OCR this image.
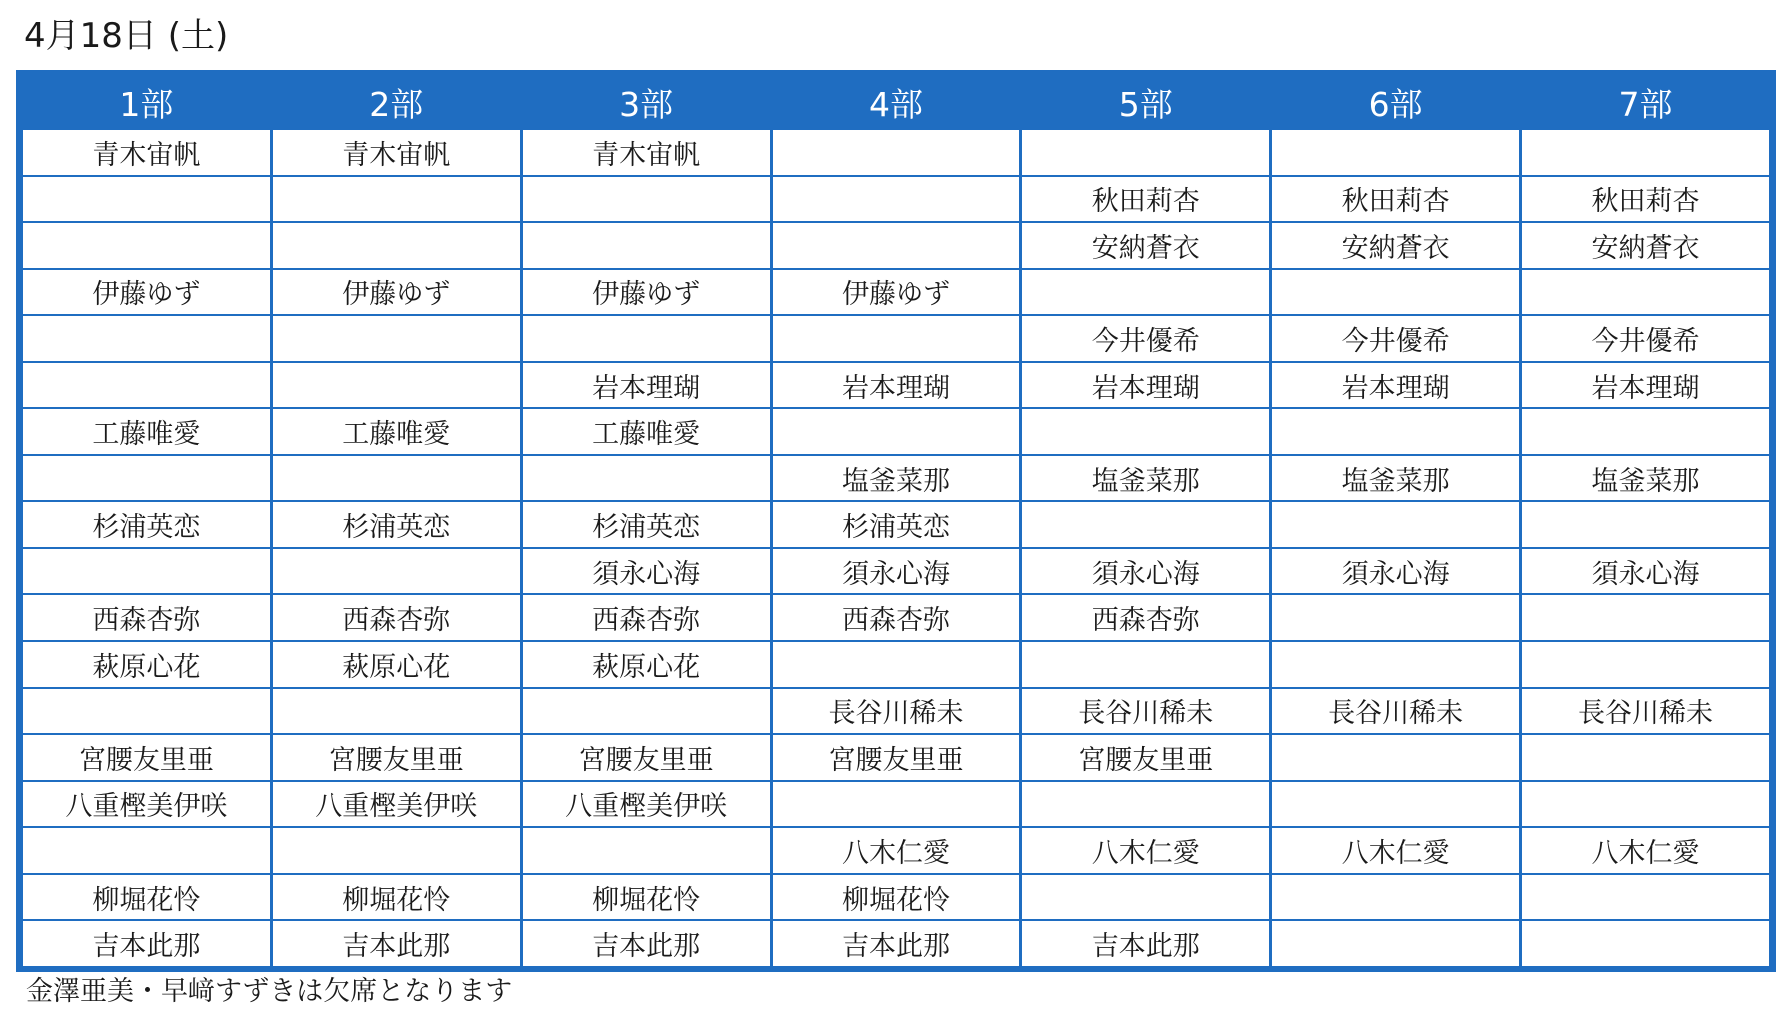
4月18日 (土)
1部	2部	3部	4部	5部	6部	7部
青木宙帆	青木宙帆	青木宙帆				
				秋田莉杏	秋田莉杏	秋田莉杏
				安納蒼衣	安納蒼衣	安納蒼衣
伊藤ゆず	伊藤ゆず	伊藤ゆず	伊藤ゆず			
				今井優希	今井優希	今井優希
		岩本理瑚	岩本理瑚	岩本理瑚	岩本理瑚	岩本理瑚
工藤唯愛	工藤唯愛	工藤唯愛				
			塩釜菜那	塩釜菜那	塩釜菜那	塩釜菜那
杉浦英恋	杉浦英恋	杉浦英恋	杉浦英恋			
		須永心海	須永心海	須永心海	須永心海	須永心海
西森杏弥	西森杏弥	西森杏弥	西森杏弥	西森杏弥		
萩原心花	萩原心花	萩原心花				
			長谷川稀未	長谷川稀未	長谷川稀未	長谷川稀未
宮腰友里亜	宮腰友里亜	宮腰友里亜	宮腰友里亜	宮腰友里亜		
八重樫美伊咲	八重樫美伊咲	八重樫美伊咲				
			八木仁愛	八木仁愛	八木仁愛	八木仁愛
柳堀花怜	柳堀花怜	柳堀花怜	柳堀花怜			
吉本此那	吉本此那	吉本此那	吉本此那	吉本此那		
金澤亜美・早﨑すずきは欠席となります
